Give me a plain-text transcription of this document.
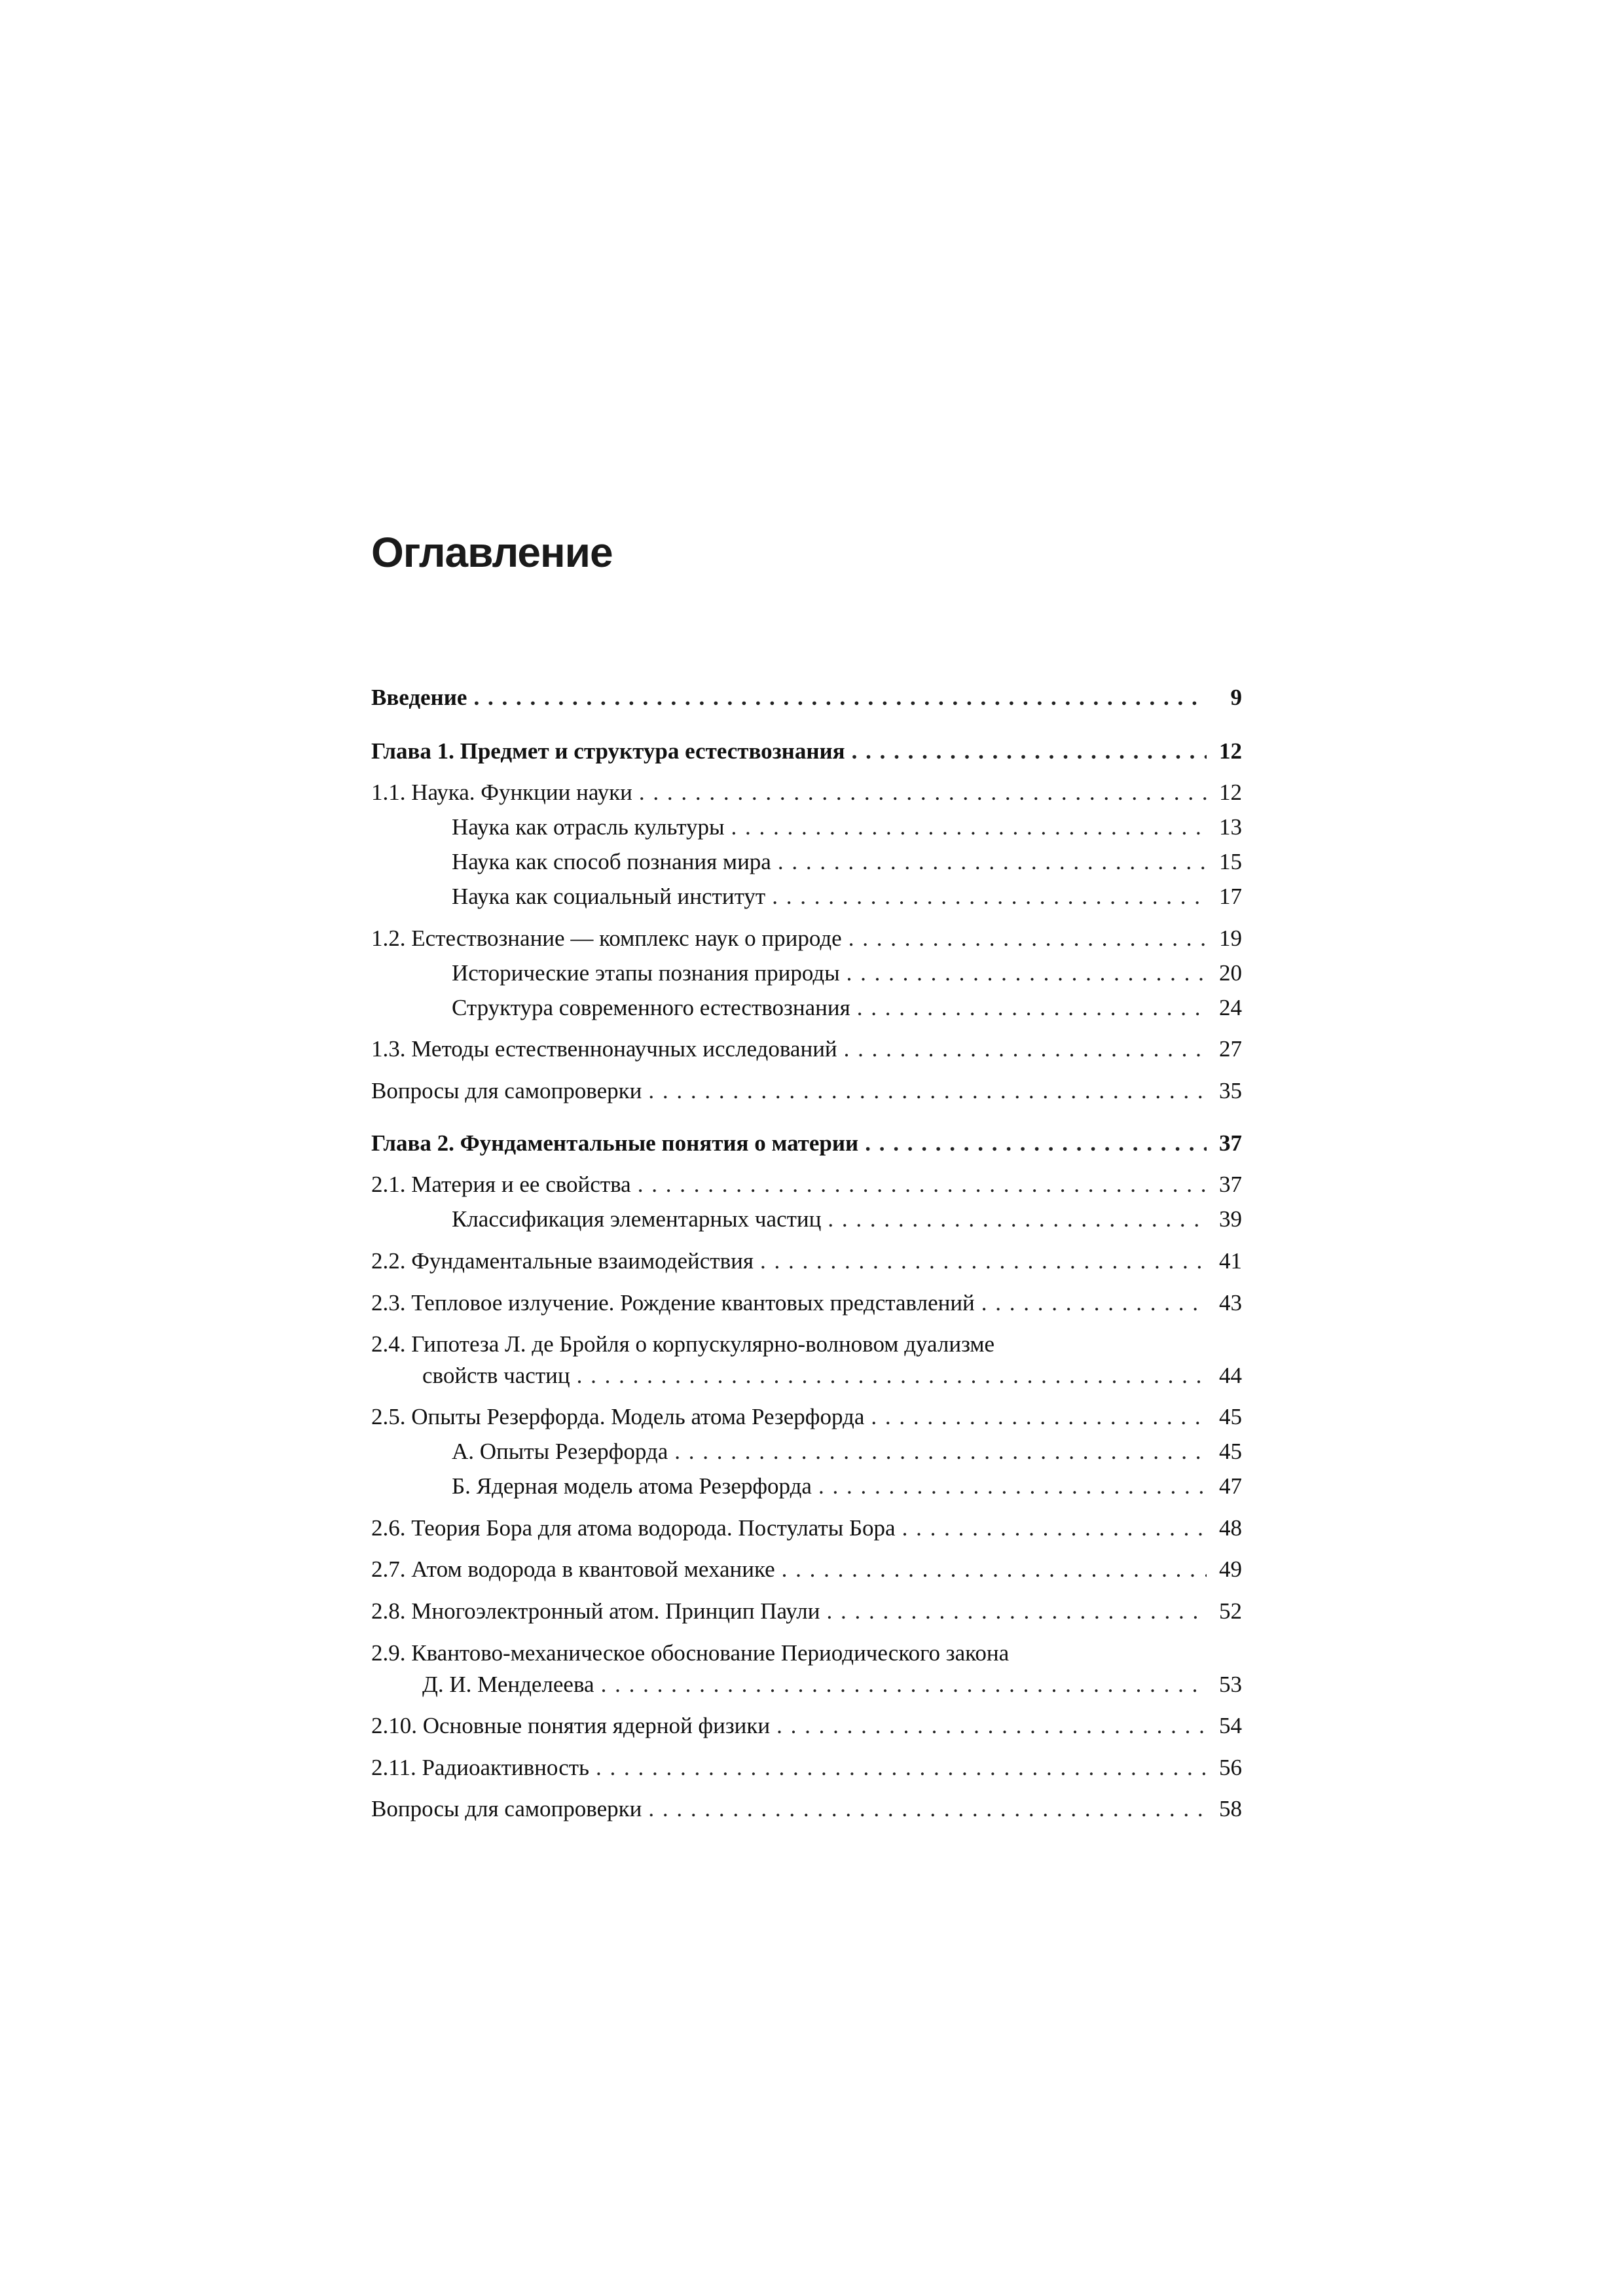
Оглавление
Введение . . .	9
Глава 1. Предмет и структура естествознания . . .	12
1.1. Наука. Функции науки . . .	12
Наука как отрасль культуры . . .	13
Наука как способ познания мира . . .	15
Наука как социальный институт . . .	17
1.2. Естествознание — комплекс наук о природе . . .	19
Исторические этапы познания природы . . .	20
Структура современного естествознания . . .	24
1.3. Методы естественнонаучных исследований . . .	27
Вопросы для самопроверки . . .	35
Глава 2. Фундаментальные понятия о материи . . .	37
2.1. Материя и ее свойства . . .	37
Классификация элементарных частиц . . .	39
2.2. Фундаментальные взаимодействия . . .	41
2.3. Тепловое излучение. Рождение квантовых представлений . . .	43
2.4. Гипотеза Л. де Бройля о корпускулярно-волновом дуализме
свойств частиц . . .	44
2.5. Опыты Резерфорда. Модель атома Резерфорда . . .	45
А. Опыты Резерфорда . . .	45
Б. Ядерная модель атома Резерфорда . . .	47
2.6. Теория Бора для атома водорода. Постулаты Бора . . .	48
2.7. Атом водорода в квантовой механике . . .	49
2.8. Многоэлектронный атом. Принцип Паули . . .	52
2.9. Квантово-механическое обоснование Периодического закона
Д. И. Менделеева . . .	53
2.10. Основные понятия ядерной физики . . .	54
2.11. Радиоактивность . . .	56
Вопросы для самопроверки . . .	58
